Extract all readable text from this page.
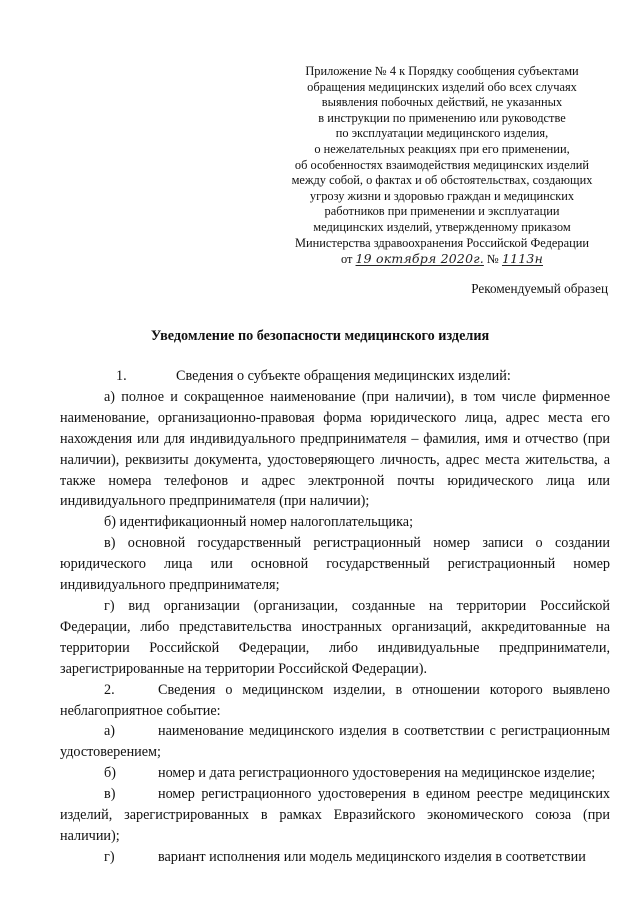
Приложение № 4 к Порядку сообщения субъектами
обращения медицинских изделий обо всех случаях
выявления побочных действий, не указанных
в инструкции по применению или руководстве
по эксплуатации медицинского изделия,
о нежелательных реакциях при его применении,
об особенностях взаимодействия медицинских изделий
между собой, о фактах и об обстоятельствах, создающих
угрозу жизни и здоровью граждан и медицинских
работников при применении и эксплуатации
медицинских изделий, утвержденному приказом
Министерства здравоохранения Российской Федерации
от 19 октября 2020г. № 1113н
Рекомендуемый образец
Уведомление по безопасности медицинского изделия
1.	Сведения о субъекте обращения медицинских изделий:

а) полное и сокращенное наименование (при наличии), в том числе фирменное наименование, организационно-правовая форма юридического лица, адрес места его нахождения или для индивидуального предпринимателя – фамилия, имя и отчество (при наличии), реквизиты документа, удостоверяющего личность, адрес места жительства, а также номера телефонов и адрес электронной почты юридического лица или индивидуального предпринимателя (при наличии);

б) идентификационный номер налогоплательщика;

в) основной государственный регистрационный номер записи о создании юридического лица или основной государственный регистрационный номер индивидуального предпринимателя;

г) вид организации (организации, созданные на территории Российской Федерации, либо представительства иностранных организаций, аккредитованные на территории Российской Федерации, либо индивидуальные предприниматели, зарегистрированные на территории Российской Федерации).

2.	Сведения о медицинском изделии, в отношении которого выявлено неблагоприятное событие:

а)	наименование медицинского изделия в соответствии с регистрационным удостоверением;

б)	номер и дата регистрационного удостоверения на медицинское изделие;

в)	номер регистрационного удостоверения в едином реестре медицинских изделий, зарегистрированных в рамках Евразийского экономического союза (при наличии);

г)	вариант исполнения или модель медицинского изделия в соответствии
